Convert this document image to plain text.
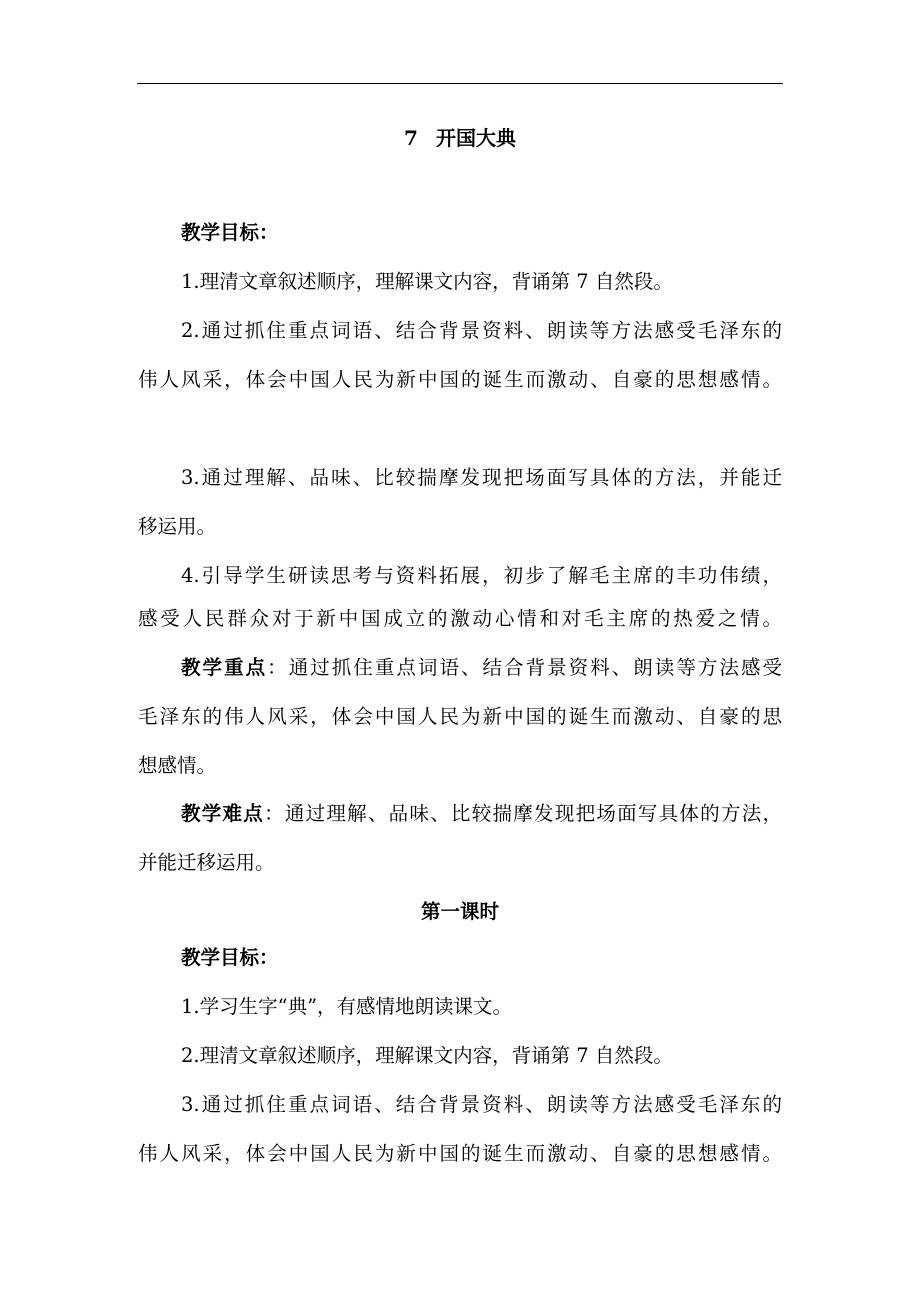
7 开国大典
教学目标：
1.理清文章叙述顺序，理解课文内容，背诵第 7 自然段。
2.通过抓住重点词语、结合背景资料、朗读等方法感受毛泽东的
伟人风采，体会中国人民为新中国的诞生而激动、自豪的思想感情。
3.通过理解、品味、比较揣摩发现把场面写具体的方法，并能迁
移运用。
4.引导学生研读思考与资料拓展，初步了解毛主席的丰功伟绩，
感受人民群众对于新中国成立的激动心情和对毛主席的热爱之情。
教学重点：通过抓住重点词语、结合背景资料、朗读等方法感受
毛泽东的伟人风采，体会中国人民为新中国的诞生而激动、自豪的思
想感情。
教学难点：通过理解、品味、比较揣摩发现把场面写具体的方法，
并能迁移运用。
第一课时
教学目标：
1.学习生字“典”，有感情地朗读课文。
2.理清文章叙述顺序，理解课文内容，背诵第 7 自然段。
3.通过抓住重点词语、结合背景资料、朗读等方法感受毛泽东的
伟人风采，体会中国人民为新中国的诞生而激动、自豪的思想感情。
